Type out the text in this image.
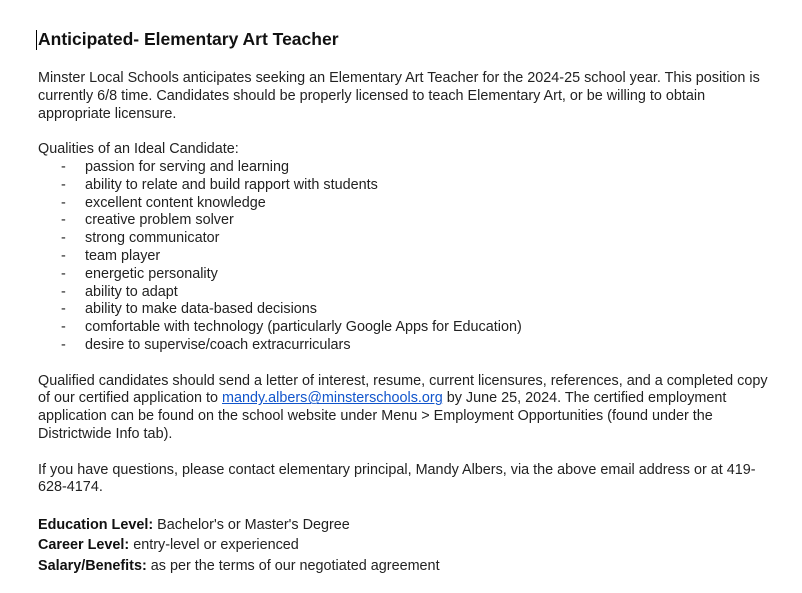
Anticipated- Elementary Art Teacher

Minster Local Schools anticipates seeking an Elementary Art Teacher for the 2024-25 school year. This position is currently 6/8 time. Candidates should be properly licensed to teach Elementary Art, or be willing to obtain appropriate licensure.

Qualities of an Ideal Candidate:

- passion for serving and learning
- ability to relate and build rapport with students
- excellent content knowledge
- creative problem solver
- strong communicator
- team player
- energetic personality
- ability to adapt
- ability to make data-based decisions
- comfortable with technology (particularly Google Apps for Education)
- desire to supervise/coach extracurriculars

Qualified candidates should send a letter of interest, resume, current licensures, references, and a completed copy of our certified application to mandy.albers@minsterschools.org by June 25, 2024. The certified employment application can be found on the school website under Menu > Employment Opportunities (found under the Districtwide Info tab).

If you have questions, please contact elementary principal, Mandy Albers, via the above email address or at 419-628-4174.

Education Level: Bachelor's or Master's Degree

Career Level: entry-level or experienced

Salary/Benefits: as per the terms of our negotiated agreement
